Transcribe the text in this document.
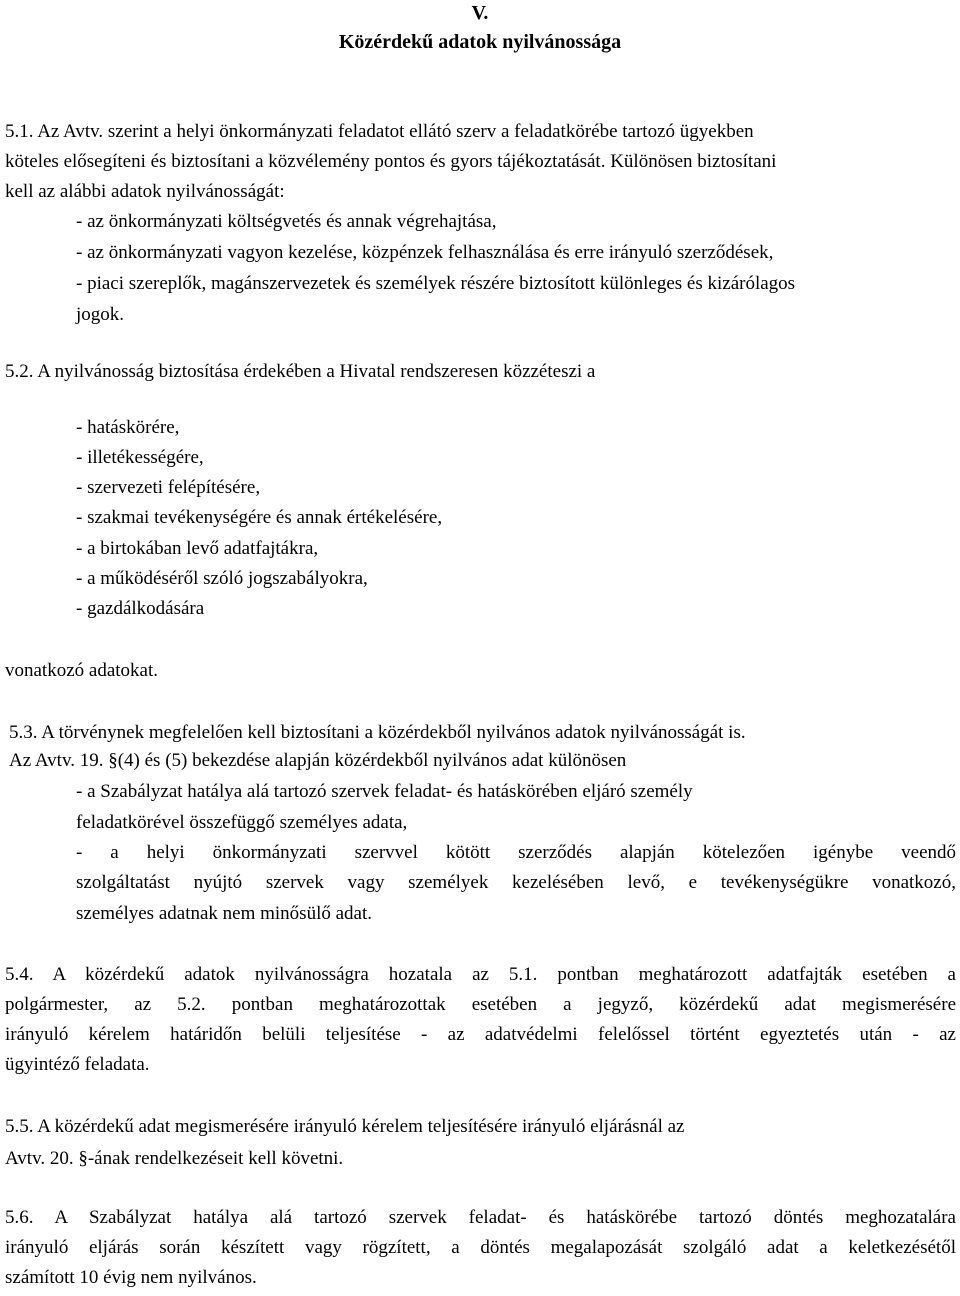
V.
Közérdekű adatok nyilvánossága
5.1. Az Avtv. szerint a helyi önkormányzati feladatot ellátó szerv a feladatkörébe tartozó ügyekben
köteles elősegíteni és biztosítani a közvélemény pontos és gyors tájékoztatását. Különösen biztosítani
kell az alábbi adatok nyilvánosságát:
- az önkormányzati költségvetés és annak végrehajtása,
- az önkormányzati vagyon kezelése, közpénzek felhasználása és erre irányuló szerződések,
- piaci szereplők, magánszervezetek és személyek részére biztosított különleges és kizárólagos
jogok.
5.2. A nyilvánosság biztosítása érdekében a Hivatal rendszeresen közzéteszi a
- hatáskörére,
- illetékességére,
- szervezeti felépítésére,
- szakmai tevékenységére és annak értékelésére,
- a birtokában levő adatfajtákra,
- a működéséről szóló jogszabályokra,
- gazdálkodására
vonatkozó adatokat.
5.3. A törvénynek megfelelően kell biztosítani a közérdekből nyilvános adatok nyilvánosságát is.
Az Avtv. 19. §(4) és (5) bekezdése alapján közérdekből nyilvános adat különösen
- a Szabályzat hatálya alá tartozó szervek feladat- és hatáskörében eljáró személy
feladatkörével összefüggő személyes adata,
- a helyi önkormányzati szervvel kötött szerződés alapján kötelezően igénybe veendő
szolgáltatást nyújtó szervek vagy személyek kezelésében levő, e tevékenységükre vonatkozó,
személyes adatnak nem minősülő adat.
5.4. A közérdekű adatok nyilvánosságra hozatala az 5.1. pontban meghatározott adatfajták esetében a
polgármester, az 5.2. pontban meghatározottak esetében a jegyző, közérdekű adat megismerésére
irányuló kérelem határidőn belüli teljesítése - az adatvédelmi felelőssel történt egyeztetés után - az
ügyintéző feladata.
5.5. A közérdekű adat megismerésére irányuló kérelem teljesítésére irányuló eljárásnál az
Avtv. 20. §-ának rendelkezéseit kell követni.
5.6. A Szabályzat hatálya alá tartozó szervek feladat- és hatáskörébe tartozó döntés meghozatalára
irányuló eljárás során készített vagy rögzített, a döntés megalapozását szolgáló adat a keletkezésétől
számított 10 évig nem nyilvános.
